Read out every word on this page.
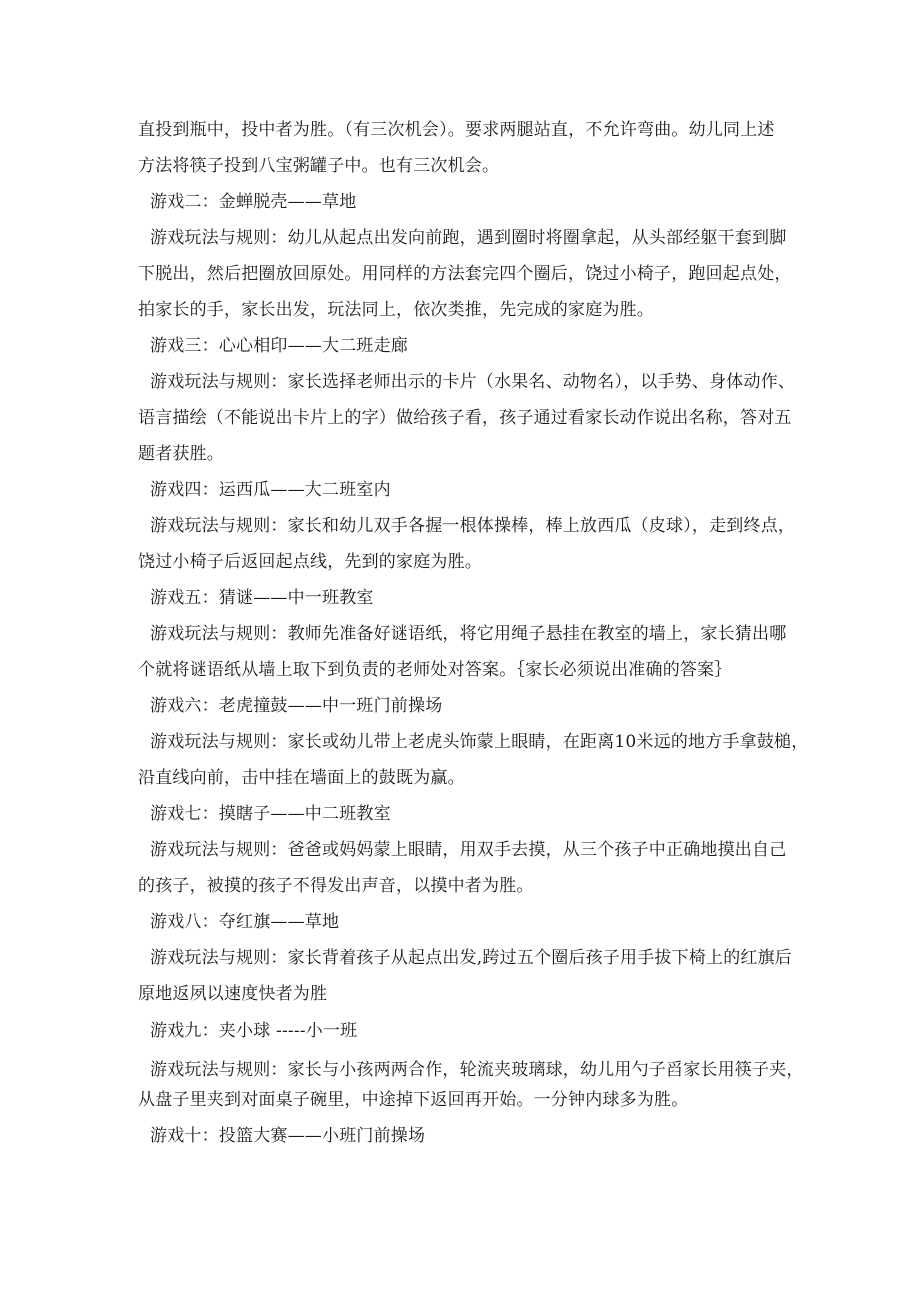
直投到瓶中，投中者为胜。（有三次机会）。要求两腿站直，不允许弯曲。幼儿同上述
方法将筷子投到八宝粥罐子中。也有三次机会。
游戏二：金蝉脱壳——草地
游戏玩法与规则：幼儿从起点出发向前跑，遇到圈时将圈拿起，从头部经躯干套到脚
下脱出，然后把圈放回原处。用同样的方法套完四个圈后，饶过小椅子，跑回起点处，
拍家长的手，家长出发，玩法同上，依次类推，先完成的家庭为胜。
游戏三：心心相印——大二班走廊
游戏玩法与规则：家长选择老师出示的卡片（水果名、动物名），以手势、身体动作、
语言描绘（不能说出卡片上的字）做给孩子看，孩子通过看家长动作说出名称，答对五
题者获胜。
游戏四：运西瓜——大二班室内
游戏玩法与规则：家长和幼儿双手各握一根体操棒，棒上放西瓜（皮球），走到终点，
饶过小椅子后返回起点线，先到的家庭为胜。
游戏五：猜谜——中一班教室
游戏玩法与规则：教师先准备好谜语纸，将它用绳子悬挂在教室的墙上，家长猜出哪
个就将谜语纸从墙上取下到负责的老师处对答案。｛家长必须说出准确的答案｝
游戏六：老虎撞鼓——中一班门前操场
游戏玩法与规则：家长或幼儿带上老虎头饰蒙上眼睛，在距离10米远的地方手拿鼓槌，
沿直线向前，击中挂在墙面上的鼓既为赢。
游戏七：摸瞎子——中二班教室
游戏玩法与规则：爸爸或妈妈蒙上眼睛，用双手去摸，从三个孩子中正确地摸出自己
的孩子，被摸的孩子不得发出声音，以摸中者为胜。
游戏八：夺红旗——草地
游戏玩法与规则：家长背着孩子从起点出发,跨过五个圈后孩子用手拔下椅上的红旗后
原地返夙以速度快者为胜
游戏九：夹小球 -----小一班
游戏玩法与规则：家长与小孩两两合作，轮流夹玻璃球，幼儿用勺子舀家长用筷子夹，
从盘子里夹到对面桌子碗里，中途掉下返回再开始。一分钟内球多为胜。
游戏十：投篮大赛——小班门前操场
